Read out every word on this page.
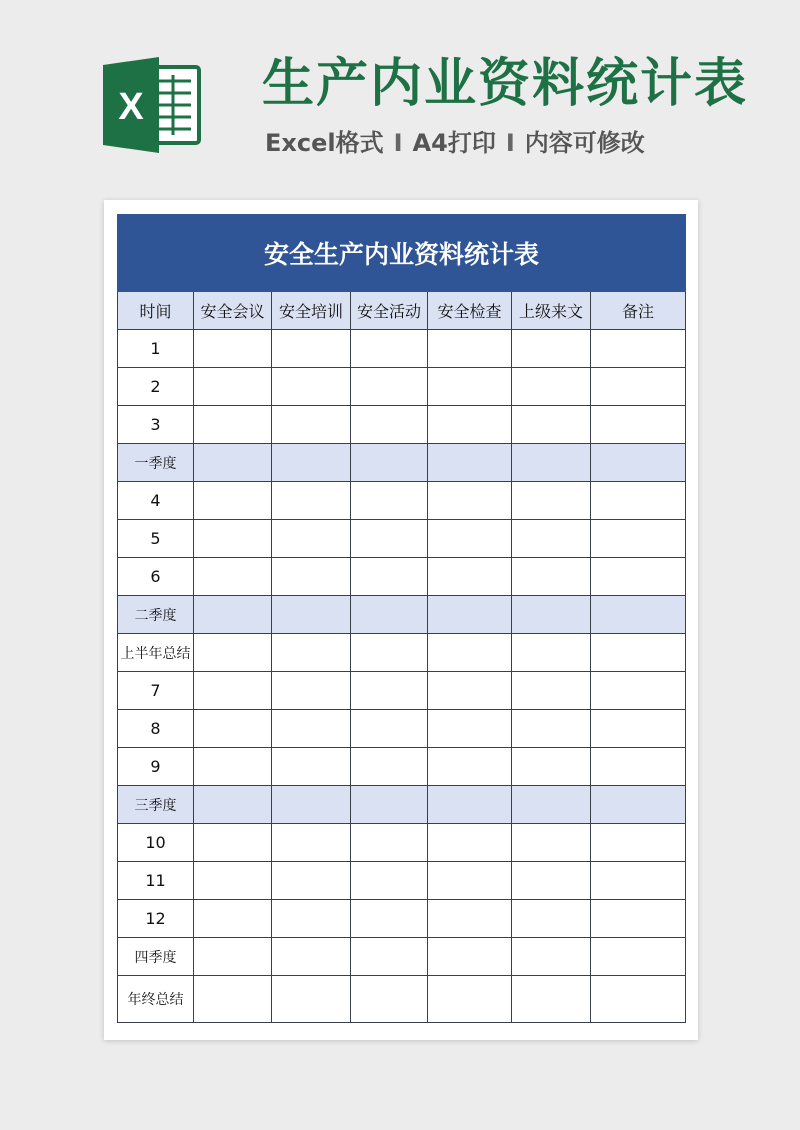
X 生产内业资料统计表
Excel格式 I A4打印 I 内容可修改
安全生产内业资料统计表						
时间	安全会议	安全培训	安全活动	安全检查	上级来文	备注
1						
2						
3						
一季度						
4						
5						
6						
二季度						
上半年总结						
7						
8						
9						
三季度						
10						
11						
12						
四季度						
年终总结						
